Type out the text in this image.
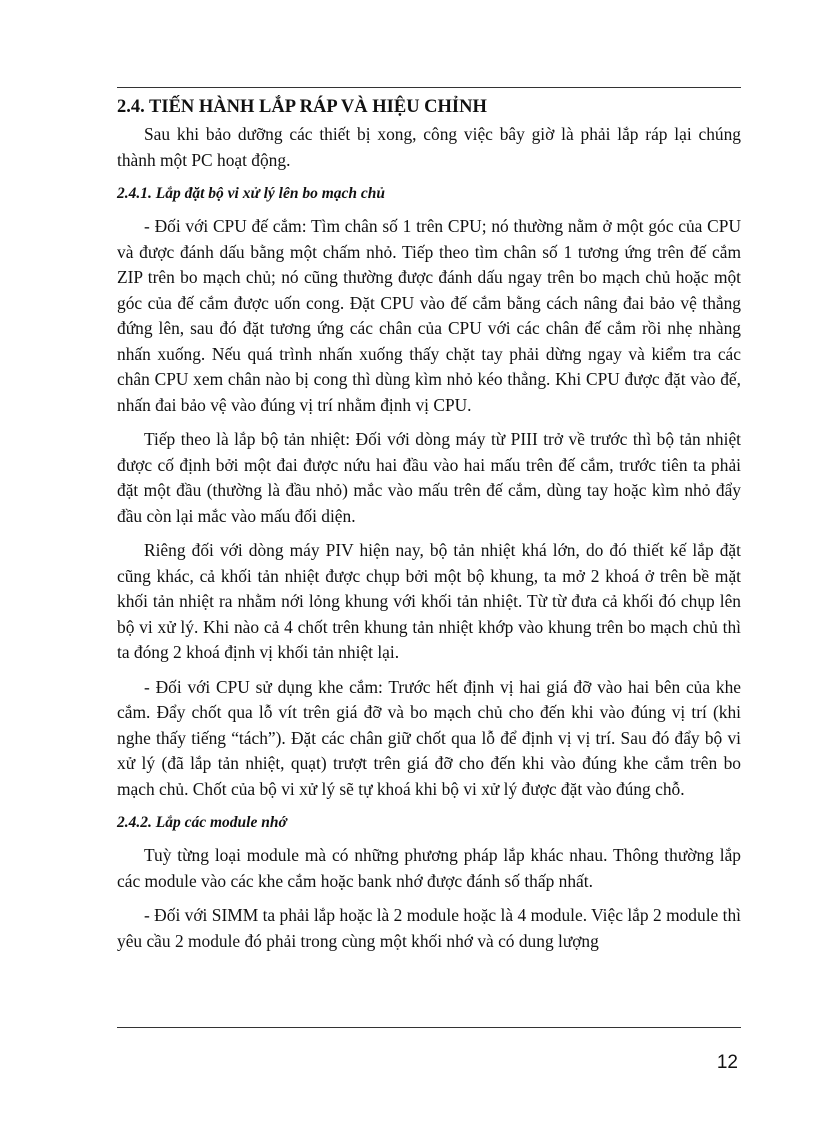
2.4. TIẾN HÀNH LẮP RÁP VÀ HIỆU CHỈNH

Sau khi bảo dưỡng các thiết bị xong, công việc bây giờ là phải lắp ráp lại chúng thành một PC hoạt động.

2.4.1. Lắp đặt bộ vi xử lý lên bo mạch chủ

- Đối với CPU đế cắm: Tìm chân số 1 trên CPU; nó thường nằm ở một góc của CPU và được đánh dấu bằng một chấm nhỏ. Tiếp theo tìm chân số 1 tương ứng trên đế cắm ZIP trên bo mạch chủ; nó cũng thường được đánh dấu ngay trên bo mạch chủ hoặc một góc của đế cắm được uốn cong. Đặt CPU vào đế cắm bằng cách nâng đai bảo vệ thẳng đứng lên, sau đó đặt tương ứng các chân của CPU với các chân đế cắm rồi nhẹ nhàng nhấn xuống. Nếu quá trình nhấn xuống thấy chặt tay phải dừng ngay và kiểm tra các chân CPU xem chân nào bị cong thì dùng kìm nhỏ kéo thẳng. Khi CPU được đặt vào đế, nhấn đai bảo vệ vào đúng vị trí nhằm định vị CPU.

Tiếp theo là lắp bộ tản nhiệt: Đối với dòng máy từ PIII trở về trước thì bộ tản nhiệt được cố định bởi một đai được nứu hai đầu vào hai mấu trên đế cắm, trước tiên ta phải đặt một đầu (thường là đầu nhỏ) mắc vào mấu trên đế cắm, dùng tay hoặc kìm nhỏ đẩy đầu còn lại mắc vào mấu đối diện.

Riêng đối với dòng máy PIV hiện nay, bộ tản nhiệt khá lớn, do đó thiết kế lắp đặt cũng khác, cả khối tản nhiệt được chụp bởi một bộ khung, ta mở 2 khoá ở trên bề mặt khối tản nhiệt ra nhằm nới lỏng khung với khối tản nhiệt. Từ từ đưa cả khối đó chụp lên bộ vi xử lý. Khi nào cả 4 chốt trên khung tản nhiệt khớp vào khung trên bo mạch chủ thì ta đóng 2 khoá định vị khối tản nhiệt lại.

- Đối với CPU sử dụng khe cắm: Trước hết định vị hai giá đỡ vào hai bên của khe cắm. Đẩy chốt qua lỗ vít trên giá đỡ và bo mạch chủ cho đến khi vào đúng vị trí (khi nghe thấy tiếng “tách”). Đặt các chân giữ chốt qua lỗ để định vị vị trí. Sau đó đẩy bộ vi xử lý (đã lắp tản nhiệt, quạt) trượt trên giá đỡ cho đến khi vào đúng khe cắm trên bo mạch chủ. Chốt của bộ vi xử lý sẽ tự khoá khi bộ vi xử lý được đặt vào đúng chỗ.

2.4.2. Lắp các module nhớ

Tuỳ từng loại module mà có những phương pháp lắp khác nhau. Thông thường lắp các module vào các khe cắm hoặc bank nhớ được đánh số thấp nhất.

- Đối với SIMM ta phải lắp hoặc là 2 module hoặc là 4 module. Việc lắp 2 module thì yêu cầu 2 module đó phải trong cùng một khối nhớ và có dung lượng

12
